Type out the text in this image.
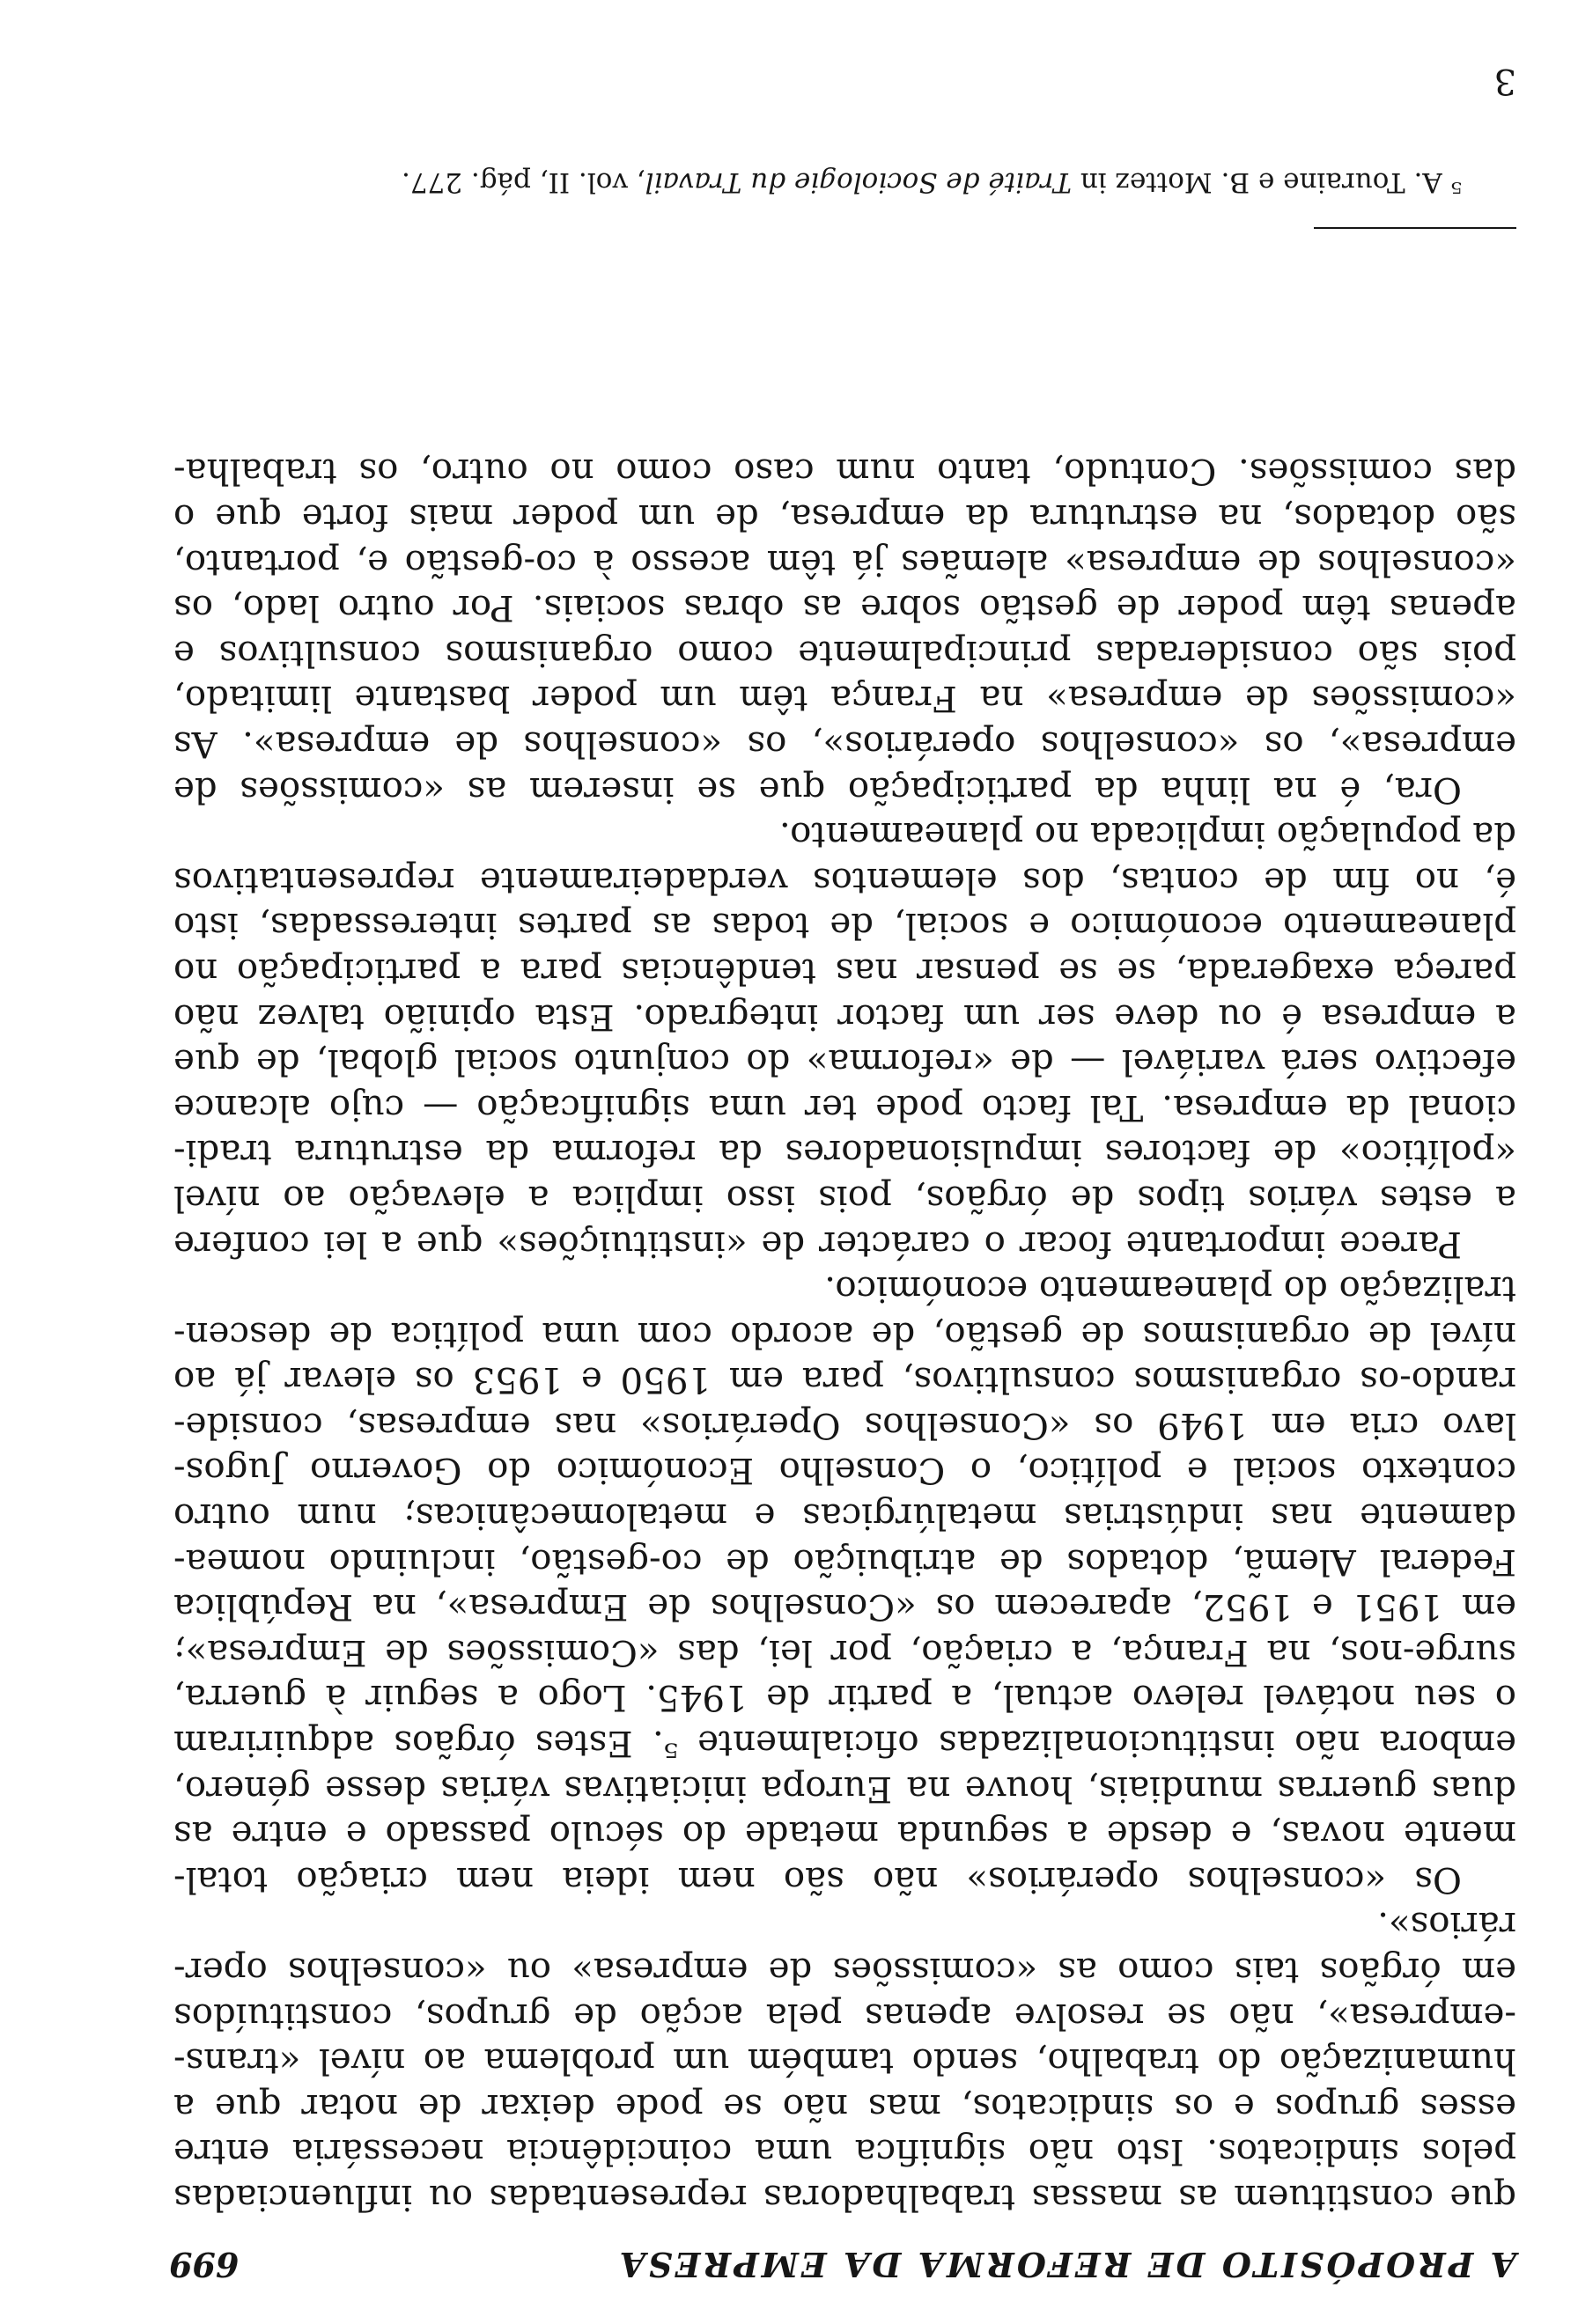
A PROPÓSITO DE REFORMA DA EMPRESA
699
que constituem as massas trabalhadoras representadas ou influenciadas
pelos sindicatos. Isto não significa uma coincidência necessária entre
esses grupos e os sindicatos, mas não se pode deixar de notar que a
humanização do trabalho, sendo também um problema ao nível «trans-
-empresa», não se resolve apenas pela acção de grupos, constituídos
em órgãos tais como as «comissões de empresa» ou «conselhos oper-
rários».
Os «conselhos operários» não são nem ideia nem criação total-
mente novas, e desde a segunda metade do século passado e entre as
duas guerras mundiais, houve na Europa iniciativas várias desse género,
embora não institucionalizadas oficialmente ⁵. Estes órgãos adquiriram
o seu notável relevo actual, a partir de 1945. Logo a seguir à guerra,
surge-nos, na França, a criação, por lei, das «Comissões de Empresa»;
em 1951 e 1952, aparecem os «Conselhos de Empresa», na República
Federal Alemã, dotados de atribuição de co-gestão, incluindo nomea-
damente nas indústrias metalúrgicas e metalomecânicas; num outro
contexto social e político, o Conselho Económico do Governo Jugos-
lavo cria em 1949 os «Conselhos Operários» nas empresas, conside-
rando-os organismos consultivos, para em 1950 e 1953 os elevar já ao
nível de organismos de gestão, de acordo com uma política de descen-
tralização do planeamento económico.
Parece importante focar o carácter de «instituições» que a lei confere
a estes vários tipos de órgãos, pois isso implica a elevação ao nível
«político» de factores impulsionadores da reforma da estrutura tradi-
cional da empresa. Tal facto pode ter uma significação — cujo alcance
efectivo será variável — de «reforma» do conjunto social global, de que
a empresa é ou deve ser um factor integrado. Esta opinião talvez não
pareça exagerada, se se pensar nas tendências para a participação no
planeamento económico e social, de todas as partes interessadas, isto
é, no fim de contas, dos elementos verdadeiramente representativos
da população implicada no planeamento.
Ora, é na linha da participação que se inserem as «comissões de
empresa», os «conselhos operários», os «conselhos de empresa». As
«comissões de empresa» na França têm um poder bastante limitado,
pois são consideradas principalmente como organismos consultivos e
apenas têm poder de gestão sobre as obras sociais. Por outro lado, os
«conselhos de empresa» alemães já têm acesso à co-gestão e, portanto,
são dotados, na estrutura da empresa, de um poder mais forte que o
das comissões. Contudo, tanto num caso como no outro, os trabalha-
⁵ A. Touraine e B. Mottez in Traité de Sociologie du Travail, vol. II, pág. 277.
3
